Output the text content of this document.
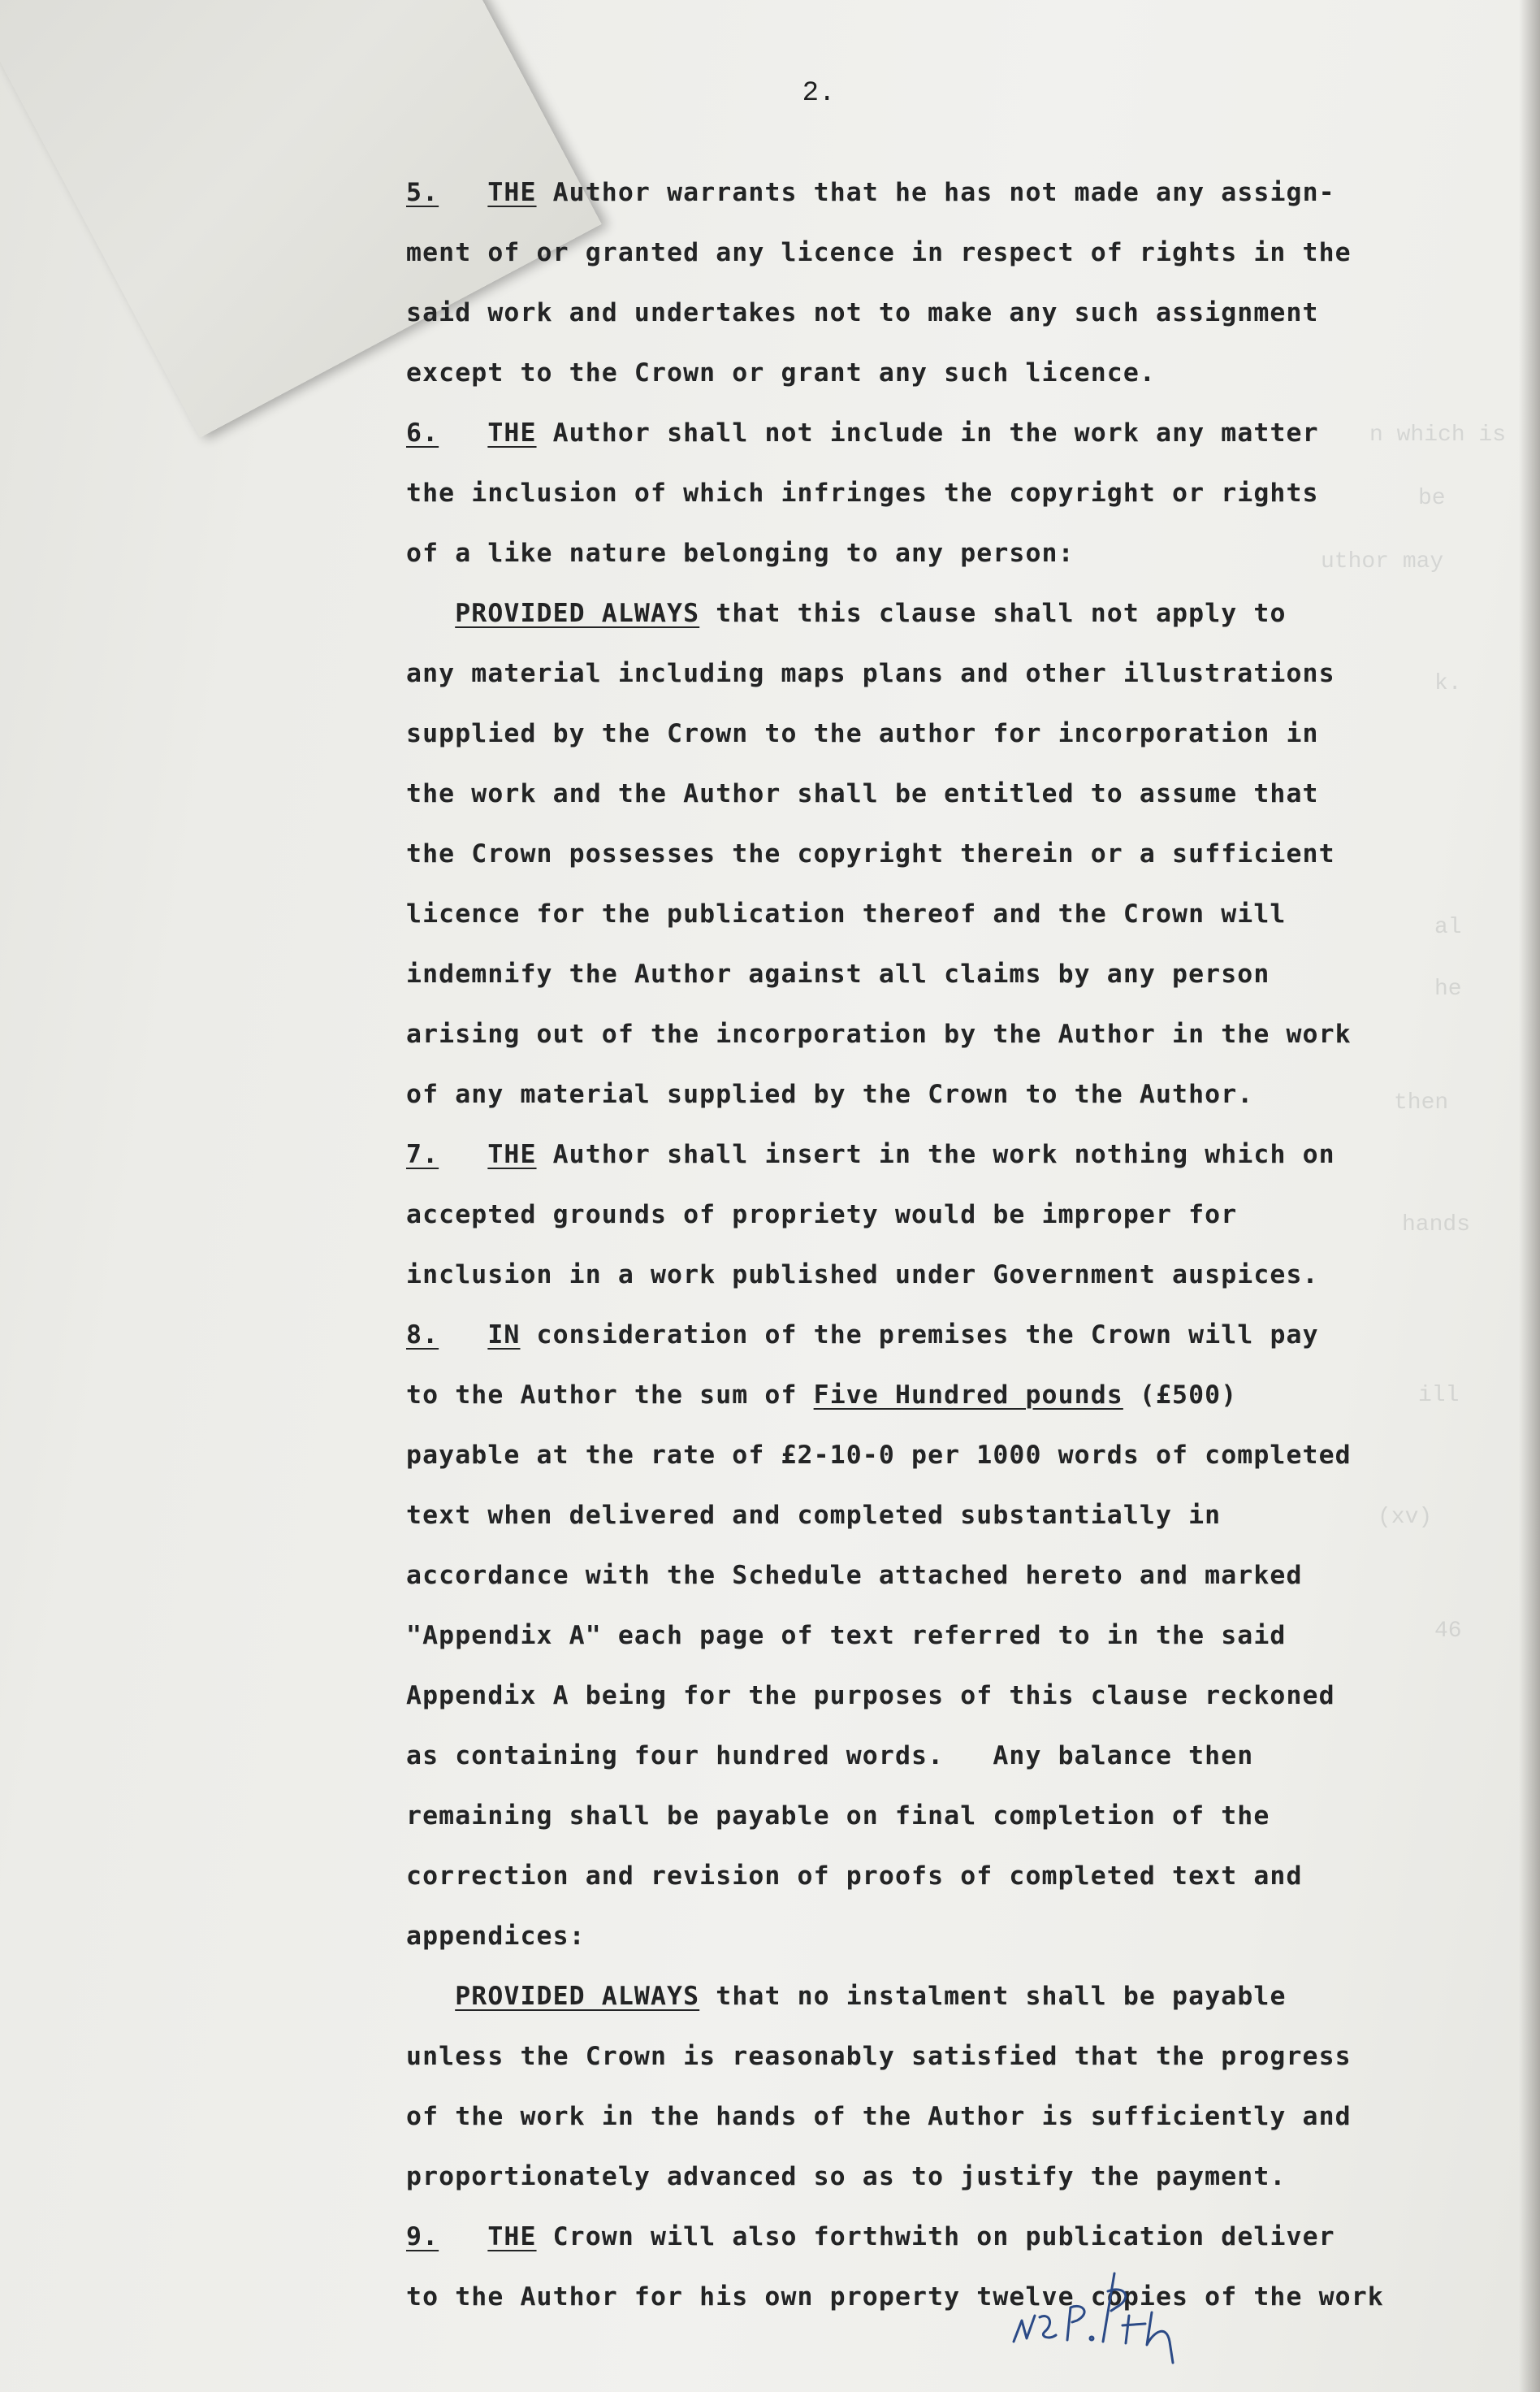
n which is
be
uthor may
k.
al
he
then
hands
ill
(xv)
46
2.
5. THE Author warrants that he has not made any assign-
ment of or granted any licence in respect of rights in the
said work and undertakes not to make any such assignment
except to the Crown or grant any such licence.
6. THE Author shall not include in the work any matter
the inclusion of which infringes the copyright or rights
of a like nature belonging to any person:
PROVIDED ALWAYS that this clause shall not apply to
any material including maps plans and other illustrations
supplied by the Crown to the author for incorporation in
the work and the Author shall be entitled to assume that
the Crown possesses the copyright therein or a sufficient
licence for the publication thereof and the Crown will
indemnify the Author against all claims by any person
arising out of the incorporation by the Author in the work
of any material supplied by the Crown to the Author.
7. THE Author shall insert in the work nothing which on
accepted grounds of propriety would be improper for
inclusion in a work published under Government auspices.
8. IN consideration of the premises the Crown will pay
to the Author the sum of Five Hundred pounds (£500)
payable at the rate of £2-10-0 per 1000 words of completed
text when delivered and completed substantially in
accordance with the Schedule attached hereto and marked
"Appendix A" each page of text referred to in the said
Appendix A being for the purposes of this clause reckoned
as containing four hundred words.   Any balance then
remaining shall be payable on final completion of the
correction and revision of proofs of completed text and
appendices:
PROVIDED ALWAYS that no instalment shall be payable
unless the Crown is reasonably satisfied that the progress
of the work in the hands of the Author is sufficiently and
proportionately advanced so as to justify the payment.
9. THE Crown will also forthwith on publication deliver
to the Author for his own property twelve copies of the work
